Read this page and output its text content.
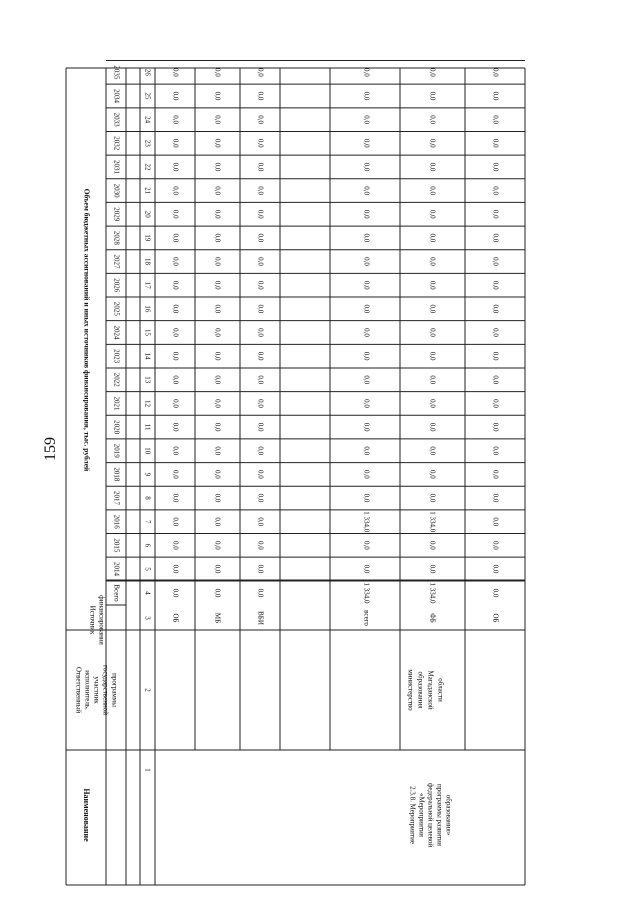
159
Наименование
Ответственный исполнитель, участник государственной программы
Источник финансирования
Объем бюджетных ассигнований и иных источников финансирования, тыс. рублей
Всего
2014
2015
2016
2017
2018
2019
2020
2021
2022
2023
2024
2025
2026
2027
2028
2029
2030
2031
2032
2033
2034
2035
1
2
3
4
5
6
7
8
9
10
11
12
13
14
15
16
17
18
19
20
21
22
23
24
25
26
2.3.8. Мероприятие «Мероприятия федеральной целевой программы развития образования»
министерство образования Магаданской области
ОБ
0,0
0,0
0,0
0,0
0,0
0,0
0,0
0,0
0,0
0,0
0,0
0,0
0,0
0,0
0,0
0,0
0,0
0,0
0,0
0,0
0,0
0,0
0,0
МБ
0,0
0,0
0,0
0,0
0,0
0,0
0,0
0,0
0,0
0,0
0,0
0,0
0,0
0,0
0,0
0,0
0,0
0,0
0,0
0,0
0,0
0,0
0,0
ВБИ
0,0
0,0
0,0
0,0
0,0
0,0
0,0
0,0
0,0
0,0
0,0
0,0
0,0
0,0
0,0
0,0
0,0
0,0
0,0
0,0
0,0
0,0
0,0
всего
1 334,0
0,0
0,0
1 334,0
0,0
0,0
0,0
0,0
0,0
0,0
0,0
0,0
0,0
0,0
0,0
0,0
0,0
0,0
0,0
0,0
0,0
0,0
0,0
ФБ
1 334,0
0,0
0,0
1 334,0
0,0
0,0
0,0
0,0
0,0
0,0
0,0
0,0
0,0
0,0
0,0
0,0
0,0
0,0
0,0
0,0
0,0
0,0
0,0
ОБ
0,0
0,0
0,0
0,0
0,0
0,0
0,0
0,0
0,0
0,0
0,0
0,0
0,0
0,0
0,0
0,0
0,0
0,0
0,0
0,0
0,0
0,0
0,0
